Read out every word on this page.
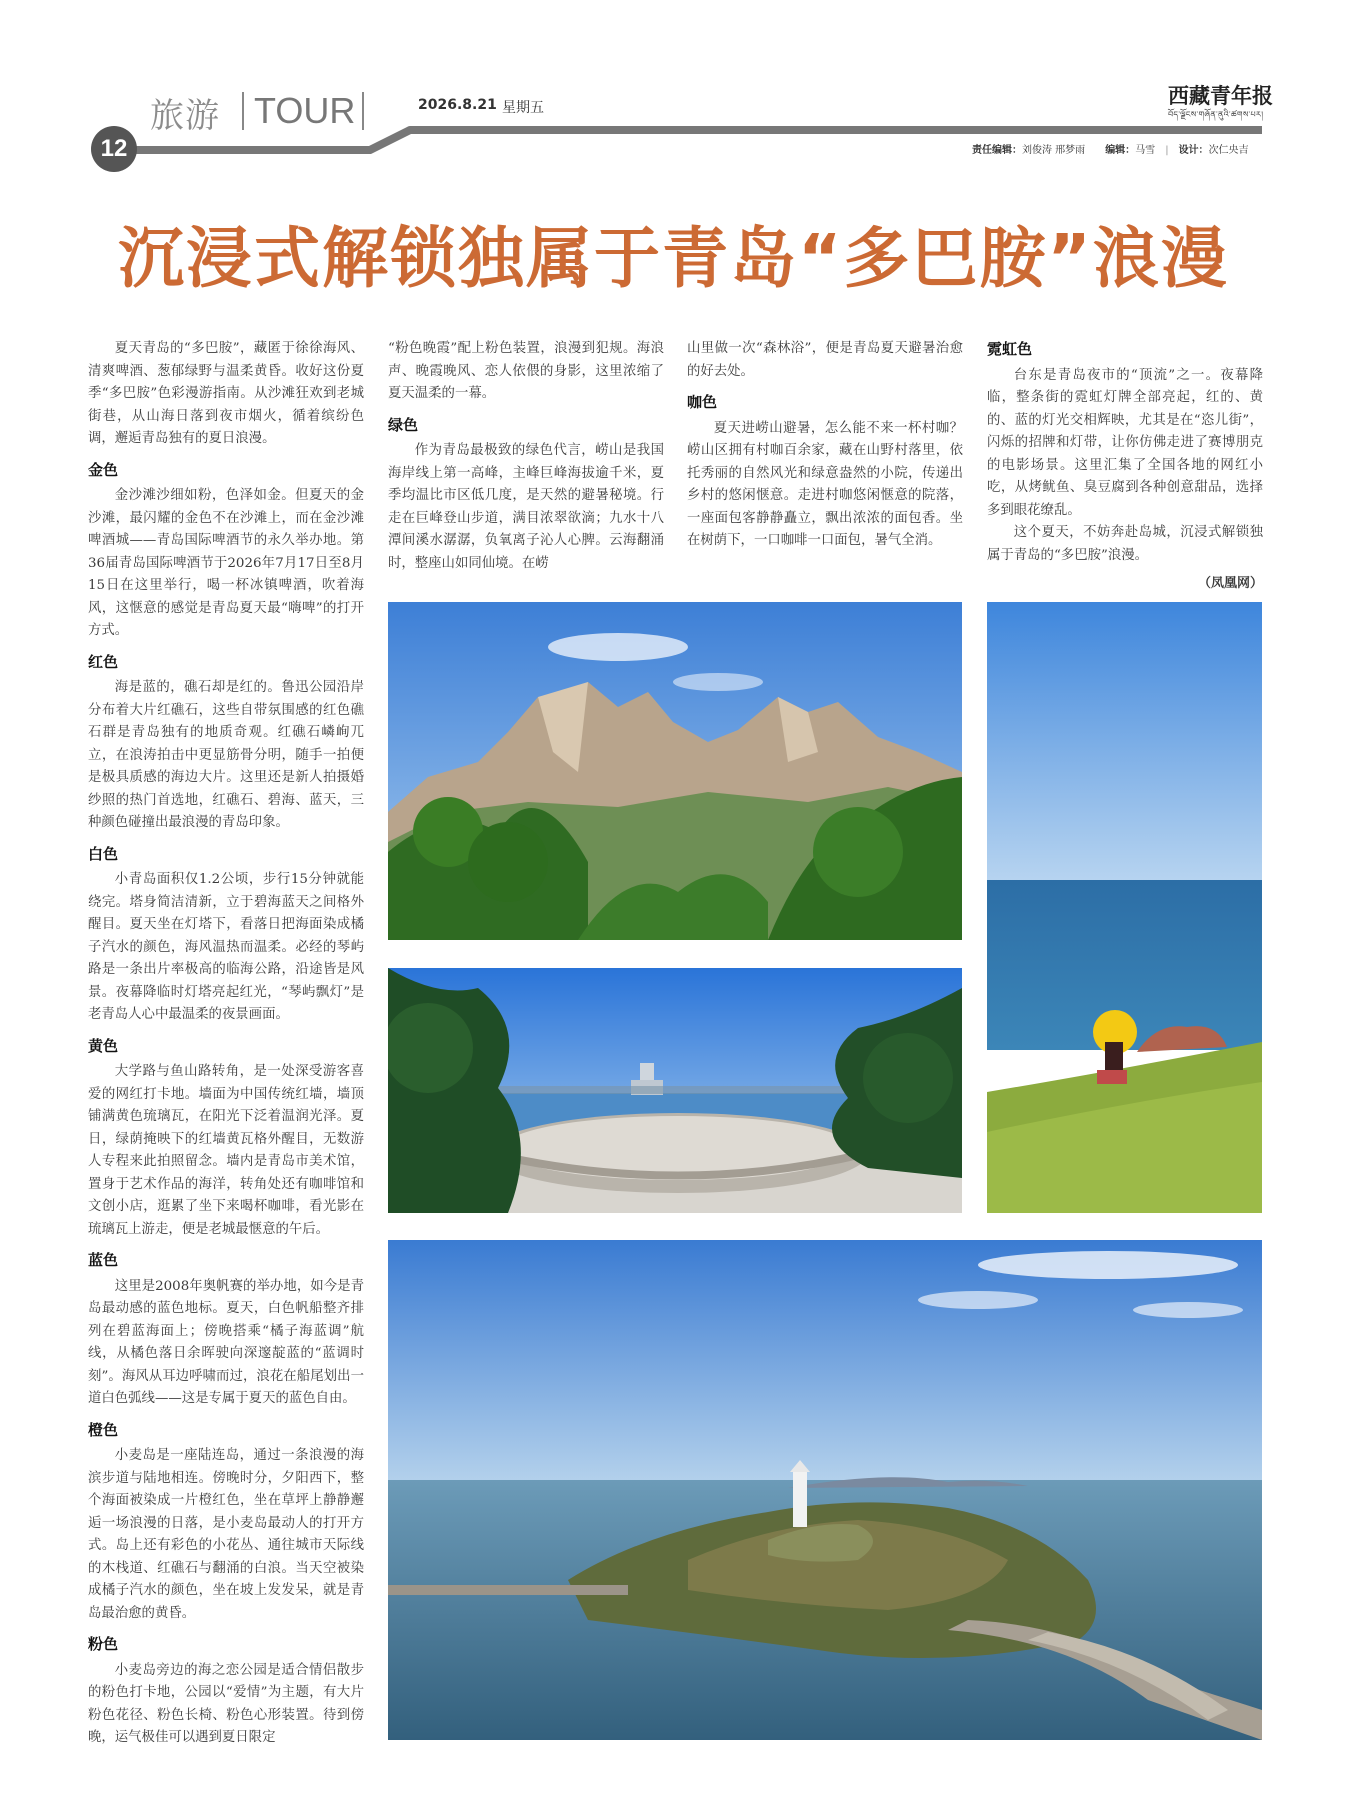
旅游 TOUR	2026.8.21 星期五	西藏青年报
བོད་ལྗོངས་གཞོན་ནུའི་ཚགས་པར།
12	责任编辑：刘俊涛 邢梦雨 编辑：马雪 | 设计：次仁央吉
沉浸式解锁独属于青岛“多巴胺”浪漫

夏天青岛的“多巴胺”，藏匿于徐徐海风、清爽啤酒、葱郁绿野与温柔黄昏。收好这份夏季“多巴胺”色彩漫游指南。从沙滩狂欢到老城街巷，从山海日落到夜市烟火，循着缤纷色调，邂逅青岛独有的夏日浪漫。

金色

金沙滩沙细如粉，色泽如金。但夏天的金沙滩，最闪耀的金色不在沙滩上，而在金沙滩啤酒城——青岛国际啤酒节的永久举办地。第36届青岛国际啤酒节于2026年7月17日至8月15日在这里举行，喝一杯冰镇啤酒，吹着海风，这惬意的感觉是青岛夏天最“嗨啤”的打开方式。

红色

海是蓝的，礁石却是红的。鲁迅公园沿岸分布着大片红礁石，这些自带氛围感的红色礁石群是青岛独有的地质奇观。红礁石嶙峋兀立，在浪涛拍击中更显筋骨分明，随手一拍便是极具质感的海边大片。这里还是新人拍摄婚纱照的热门首选地，红礁石、碧海、蓝天，三种颜色碰撞出最浪漫的青岛印象。

白色

小青岛面积仅1.2公顷，步行15分钟就能绕完。塔身简洁清新，立于碧海蓝天之间格外醒目。夏天坐在灯塔下，看落日把海面染成橘子汽水的颜色，海风温热而温柔。必经的琴屿路是一条出片率极高的临海公路，沿途皆是风景。夜幕降临时灯塔亮起红光，“琴屿飘灯”是老青岛人心中最温柔的夜景画面。

黄色

大学路与鱼山路转角，是一处深受游客喜爱的网红打卡地。墙面为中国传统红墙，墙顶铺满黄色琉璃瓦，在阳光下泛着温润光泽。夏日，绿荫掩映下的红墙黄瓦格外醒目，无数游人专程来此拍照留念。墙内是青岛市美术馆，置身于艺术作品的海洋，转角处还有咖啡馆和文创小店，逛累了坐下来喝杯咖啡，看光影在琉璃瓦上游走，便是老城最惬意的午后。

蓝色

这里是2008年奥帆赛的举办地，如今是青岛最动感的蓝色地标。夏天，白色帆船整齐排列在碧蓝海面上；傍晚搭乘“橘子海蓝调”航线，从橘色落日余晖驶向深邃靛蓝的“蓝调时刻”。海风从耳边呼啸而过，浪花在船尾划出一道白色弧线——这是专属于夏天的蓝色自由。

橙色

小麦岛是一座陆连岛，通过一条浪漫的海滨步道与陆地相连。傍晚时分，夕阳西下，整个海面被染成一片橙红色，坐在草坪上静静邂逅一场浪漫的日落，是小麦岛最动人的打开方式。岛上还有彩色的小花丛、通往城市天际线的木栈道、红礁石与翻涌的白浪。当天空被染成橘子汽水的颜色，坐在坡上发发呆，就是青岛最治愈的黄昏。

粉色

小麦岛旁边的海之恋公园是适合情侣散步的粉色打卡地，公园以“爱情”为主题，有大片粉色花径、粉色长椅、粉色心形装置。待到傍晚，运气极佳可以遇到夏日限定

“粉色晚霞”配上粉色装置，浪漫到犯规。海浪声、晚霞晚风、恋人依偎的身影，这里浓缩了夏天温柔的一幕。

绿色

作为青岛最极致的绿色代言，崂山是我国海岸线上第一高峰，主峰巨峰海拔逾千米，夏季均温比市区低几度，是天然的避暑秘境。行走在巨峰登山步道，满目浓翠欲滴；九水十八潭间溪水潺潺，负氧离子沁人心脾。云海翻涌时，整座山如同仙境。在崂

山里做一次“森林浴”，便是青岛夏天避暑治愈的好去处。

咖色

夏天进崂山避暑，怎么能不来一杯村咖？崂山区拥有村咖百余家，藏在山野村落里，依托秀丽的自然风光和绿意盎然的小院，传递出乡村的悠闲惬意。走进村咖悠闲惬意的院落，一座面包客静静矗立，飘出浓浓的面包香。坐在树荫下，一口咖啡一口面包，暑气全消。

霓虹色

台东是青岛夜市的“顶流”之一。夜幕降临，整条街的霓虹灯牌全部亮起，红的、黄的、蓝的灯光交相辉映，尤其是在“恣儿街”，闪烁的招牌和灯带，让你仿佛走进了赛博朋克的电影场景。这里汇集了全国各地的网红小吃，从烤鱿鱼、臭豆腐到各种创意甜品，选择多到眼花缭乱。

这个夏天，不妨奔赴岛城，沉浸式解锁独属于青岛的“多巴胺”浪漫。

（凤凰网）
